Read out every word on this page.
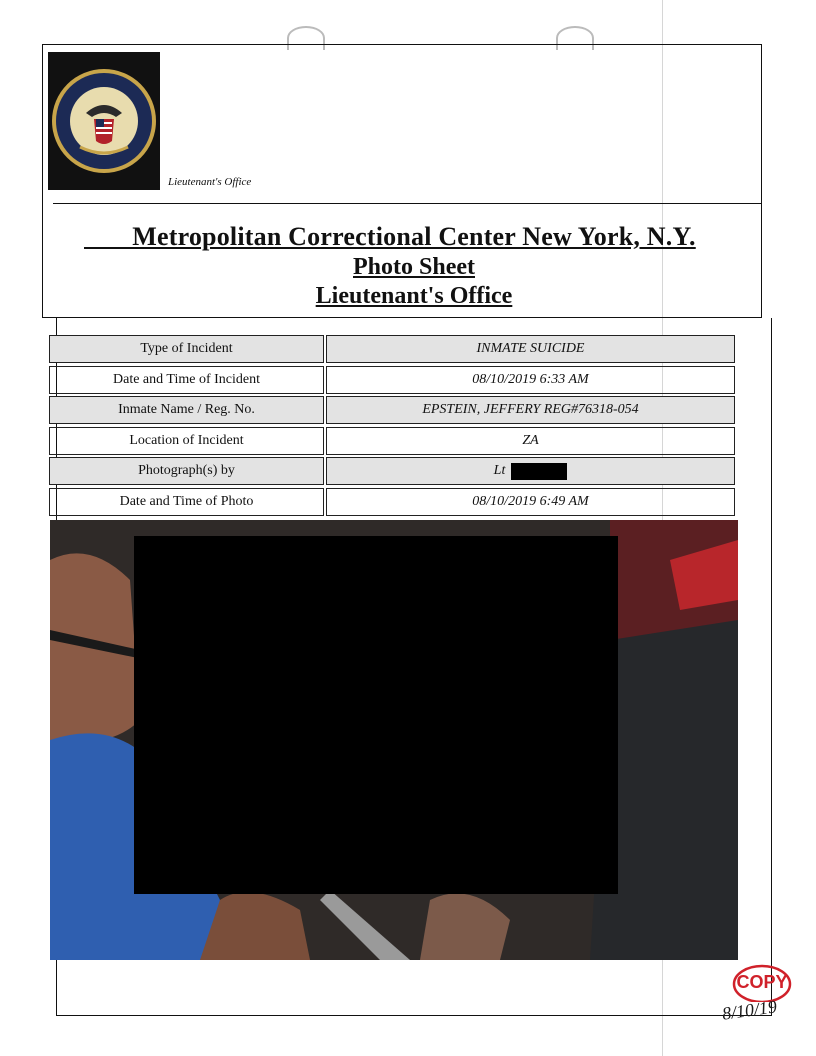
Lieutenant's Office
Metropolitan Correctional Center New York, N.Y.
Photo Sheet
Lieutenant's Office
Type of Incident	INMATE SUICIDE
Date and Time of Incident	08/10/2019 6:33 AM
Inmate Name / Reg. No.	EPSTEIN, JEFFERY REG#76318-054
Location of Incident	ZA
Photograph(s) by	Lt
Date and Time of Photo	08/10/2019 6:49 AM
COPY
8/10/19
